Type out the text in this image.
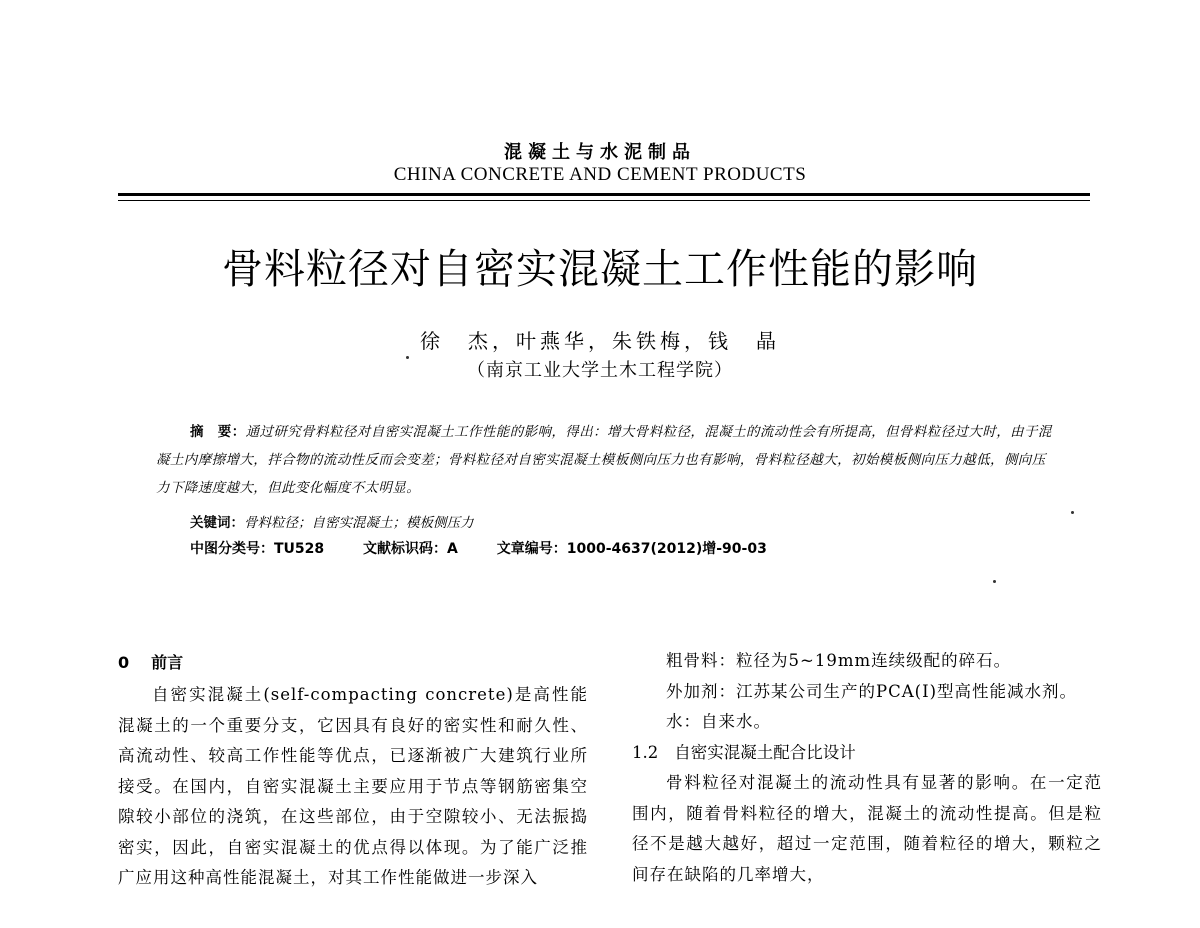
混凝土与水泥制品
CHINA CONCRETE AND CEMENT PRODUCTS
骨料粒径对自密实混凝土工作性能的影响
徐　杰，叶燕华，朱铁梅，钱　晶
（南京工业大学土木工程学院）
摘　要：通过研究骨料粒径对自密实混凝土工作性能的影响，得出：增大骨料粒径，混凝土的流动性会有所提高，但骨料粒径过大时，由于混凝土内摩擦增大，拌合物的流动性反而会变差；骨料粒径对自密实混凝土模板侧向压力也有影响，骨料粒径越大，初始模板侧向压力越低，侧向压力下降速度越大，但此变化幅度不太明显。
关键词：骨料粒径；自密实混凝土；模板侧压力
中图分类号：TU528	文献标识码：A	文章编号：1000-4637(2012)增-90-03
0 前言
自密实混凝土(self-compacting concrete)是高性能混凝土的一个重要分支，它因具有良好的密实性和耐久性、高流动性、较高工作性能等优点，已逐渐被广大建筑行业所接受。在国内，自密实混凝土主要应用于节点等钢筋密集空隙较小部位的浇筑，在这些部位，由于空隙较小、无法振捣密实，因此，自密实混凝土的优点得以体现。为了能广泛推广应用这种高性能混凝土，对其工作性能做进一步深入
粗骨料：粒径为5~19mm连续级配的碎石。
外加剂：江苏某公司生产的PCA(Ⅰ)型高性能减水剂。
水：自来水。
1.2 自密实混凝土配合比设计
骨料粒径对混凝土的流动性具有显著的影响。在一定范围内，随着骨料粒径的增大，混凝土的流动性提高。但是粒径不是越大越好，超过一定范围，随着粒径的增大，颗粒之间存在缺陷的几率增大，
